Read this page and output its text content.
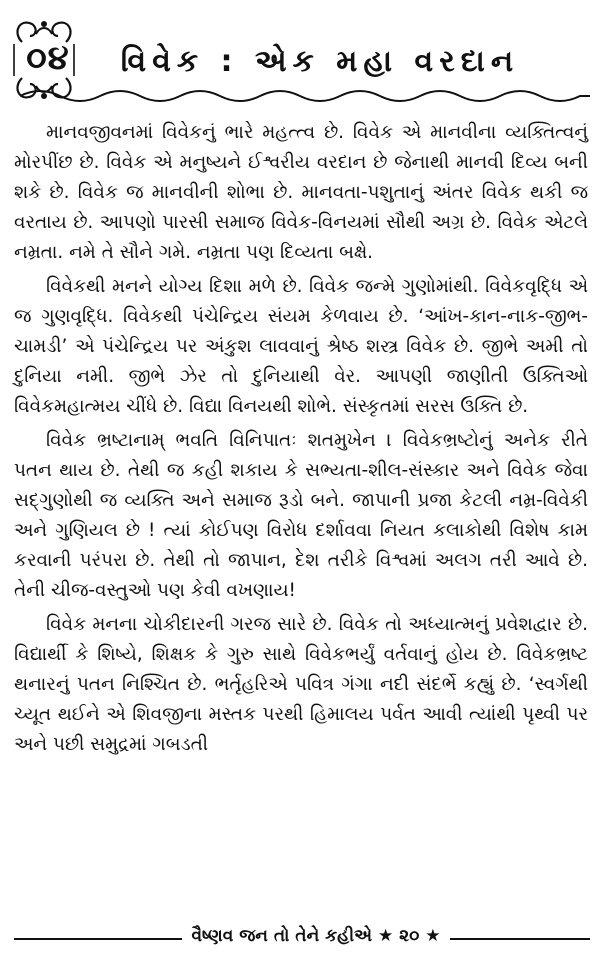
૦૪ વિવેક : એક મહા વરદાન

માનવજીવનમાં વિવેકનું ભારે મહત્ત્વ છે. વિવેક એ માનવીના વ્યક્તિત્વનું મોરપીંછ છે. વિવેક એ મનુષ્યને ઈશ્વરીય વરદાન છે જેનાથી માનવી દિવ્ય બની શકે છે. વિવેક જ માનવીની શોભા છે. માનવતા-પશુતાનું અંતર વિવેક થકી જ વરતાય છે. આપણો પારસી સમાજ વિવેક-વિનયમાં સૌથી અગ્ર છે. વિવેક એટલે નમ્રતા. નમે તે સૌને ગમે. નમ્રતા પણ દિવ્યતા બક્ષે.

વિવેકથી મનને યોગ્ય દિશા મળે છે. વિવેક જન્મે ગુણોમાંથી. વિવેકવૃદ્ધિ એ જ ગુણવૃદ્ધિ. વિવેકથી પંચેન્દ્રિય સંયમ કેળવાય છે. ‘આંખ-કાન-નાક-જીભ-ચામડી’ એ પંચેન્દ્રિય પર અંકુશ લાવવાનું શ્રેષ્ઠ શસ્ત્ર વિવેક છે. જીભે અમી તો દુનિયા નમી. જીભે ઝેર તો દુનિયાથી વેર. આપણી જાણીતી ઉક્તિઓ વિવેકમહાત્મય ચીંધે છે. વિદ્યા વિનયથી શોભે. સંસ્કૃતમાં સરસ ઉક્તિ છે.

વિવેક ભ્રષ્ટાનામ્ ભવતિ વિનિપાતઃ શતમુખેન । વિવેકભ્રષ્ટોનું અનેક રીતે પતન થાય છે. તેથી જ કહી શકાય કે સભ્યતા-શીલ-સંસ્કાર અને વિવેક જેવા સદ્‌ગુણોથી જ વ્યક્તિ અને સમાજ રૂડો બને. જાપાની પ્રજા કેટલી નમ્ર-વિવેકી અને ગુણિયલ છે ! ત્યાં કોઈપણ વિરોધ દર્શાવવા નિયત કલાકોથી વિશેષ કામ કરવાની પરંપરા છે. તેથી તો જાપાન, દેશ તરીકે વિશ્વમાં અલગ તરી આવે છે. તેની ચીજ-વસ્તુઓ પણ કેવી વખણાય!

વિવેક મનના ચોકીદારની ગરજ સારે છે. વિવેક તો અધ્યાત્મનું પ્રવેશદ્વાર છે. વિદ્યાર્થી કે શિષ્યે, શિક્ષક કે ગુરુ સાથે વિવેકભર્યું વર્તવાનું હોય છે. વિવેકભ્રષ્ટ થનારનું પતન નિશ્ચિત છે. ભર્તૃહરિએ પવિત્ર ગંગા નદી સંદર્ભે કહ્યું છે. ‘સ્વર્ગથી ચ્યૂત થઈને એ શિવજીના મસ્તક પરથી હિમાલય પર્વત આવી ત્યાંથી પૃથ્વી પર અને પછી સમુદ્રમાં ગબડતી

વૈષ્ણવ જન તો તેને કહીએ ★ ૨૦ ★
